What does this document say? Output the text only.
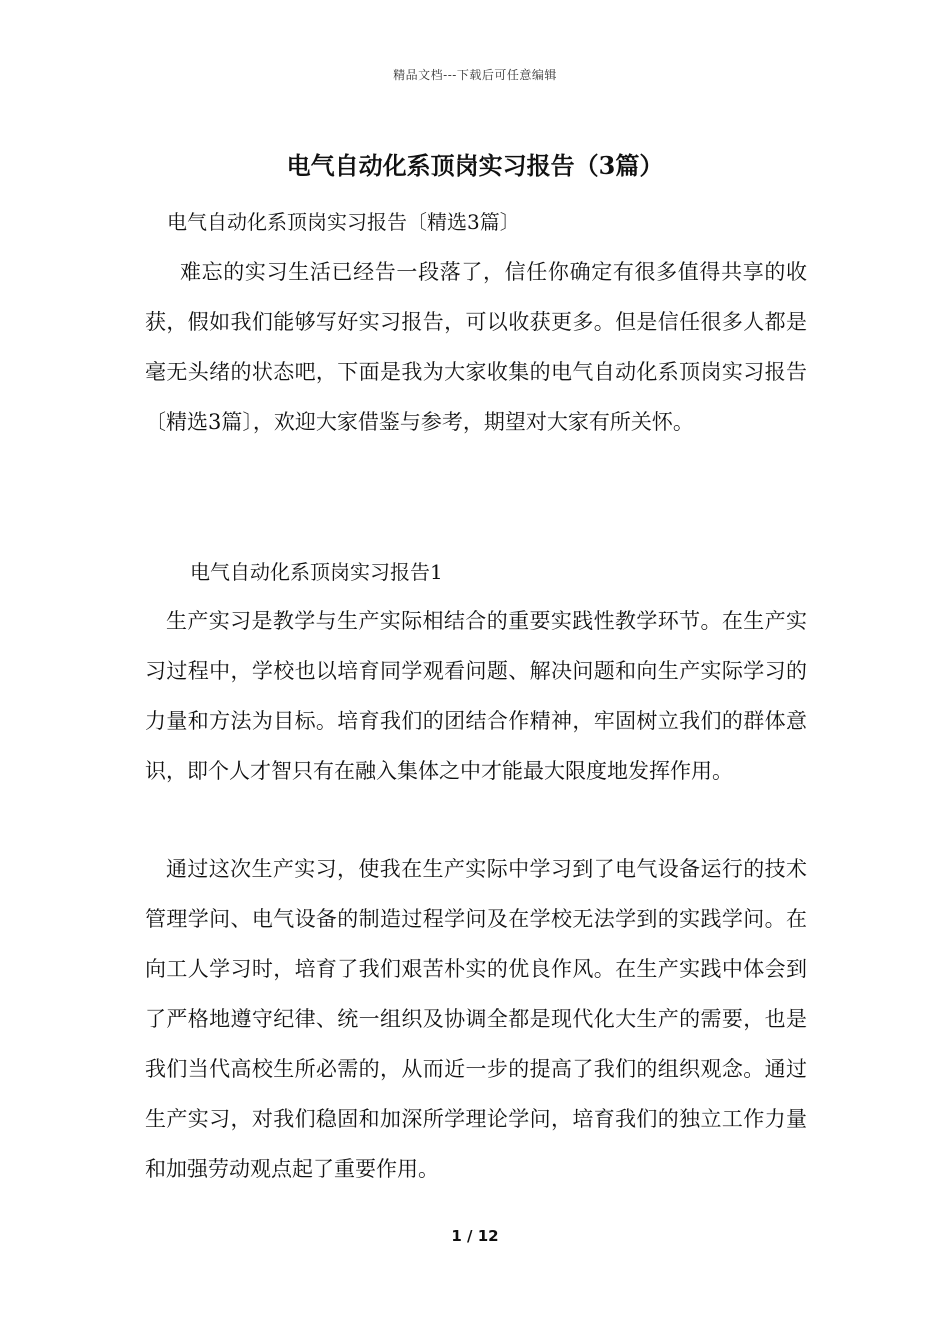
精品文档---下载后可任意编辑
电气自动化系顶岗实习报告（3篇）
电气自动化系顶岗实习报告〔精选3篇〕

难忘的实习生活已经告一段落了，信任你确定有很多值得共享的收获，假如我们能够写好实习报告，可以收获更多。但是信任很多人都是毫无头绪的状态吧，下面是我为大家收集的电气自动化系顶岗实习报告〔精选3篇〕，欢迎大家借鉴与参考，期望对大家有所关怀。

电气自动化系顶岗实习报告1

生产实习是教学与生产实际相结合的重要实践性教学环节。在生产实习过程中，学校也以培育同学观看问题、解决问题和向生产实际学习的力量和方法为目标。培育我们的团结合作精神，牢固树立我们的群体意识，即个人才智只有在融入集体之中才能最大限度地发挥作用。

通过这次生产实习，使我在生产实际中学习到了电气设备运行的技术管理学问、电气设备的制造过程学问及在学校无法学到的实践学问。在向工人学习时，培育了我们艰苦朴实的优良作风。在生产实践中体会到了严格地遵守纪律、统一组织及协调全都是现代化大生产的需要，也是我们当代高校生所必需的，从而近一步的提高了我们的组织观念。通过生产实习，对我们稳固和加深所学理论学问，培育我们的独立工作力量和加强劳动观点起了重要作用。

1 / 12
